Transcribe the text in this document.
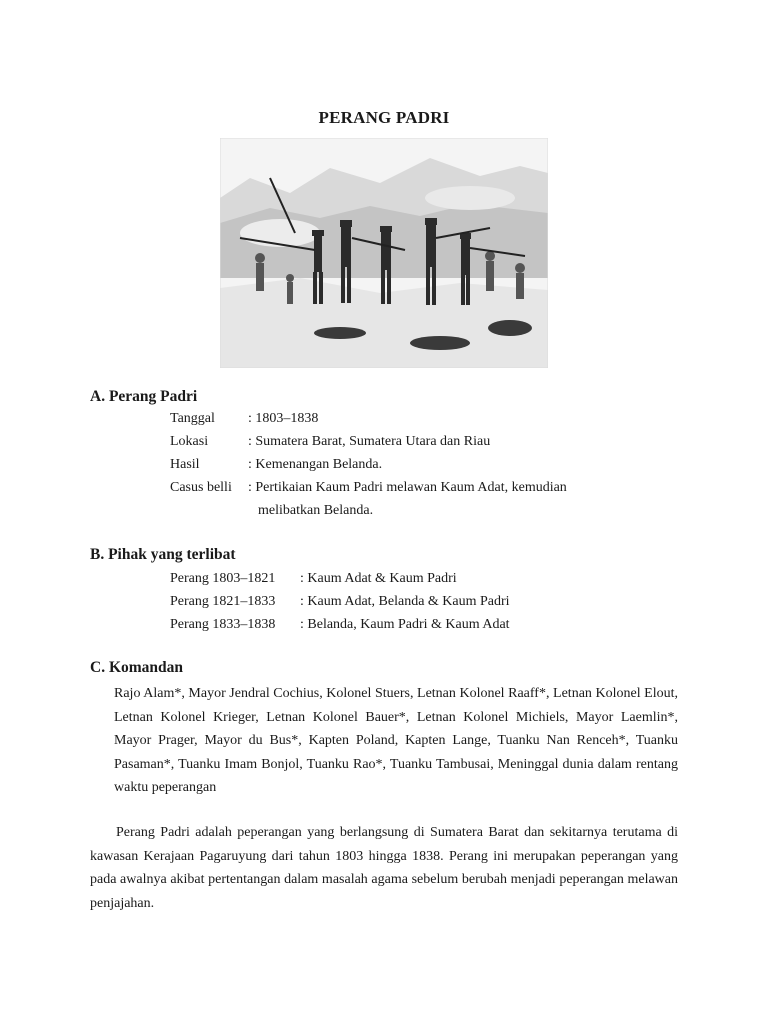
PERANG PADRI
A. Perang Padri
Tanggal : 1803–1838
Lokasi	: Sumatera Barat, Sumatera Utara dan Riau
Hasil	: Kemenangan Belanda.
Casus belli : Pertikaian Kaum Padri melawan Kaum Adat, kemudian
melibatkan Belanda.
B. Pihak yang terlibat
Perang 1803–1821 : Kaum Adat & Kaum Padri
Perang 1821–1833 : Kaum Adat, Belanda & Kaum Padri
Perang 1833–1838 : Belanda, Kaum Padri & Kaum Adat
C. Komandan
Rajo Alam*, Mayor Jendral Cochius, Kolonel Stuers, Letnan Kolonel Raaff*, Letnan Kolonel Elout, Letnan Kolonel Krieger, Letnan Kolonel Bauer*, Letnan Kolonel Michiels, Mayor Laemlin*, Mayor Prager, Mayor du Bus*, Kapten Poland, Kapten Lange, Tuanku Nan Renceh*, Tuanku Pasaman*, Tuanku Imam Bonjol, Tuanku Rao*, Tuanku Tambusai, Meninggal dunia dalam rentang waktu peperangan
Perang Padri adalah peperangan yang berlangsung di Sumatera Barat dan sekitarnya terutama di kawasan Kerajaan Pagaruyung dari tahun 1803 hingga 1838. Perang ini merupakan peperangan yang pada awalnya akibat pertentangan dalam masalah agama sebelum berubah menjadi peperangan melawan penjajahan.
